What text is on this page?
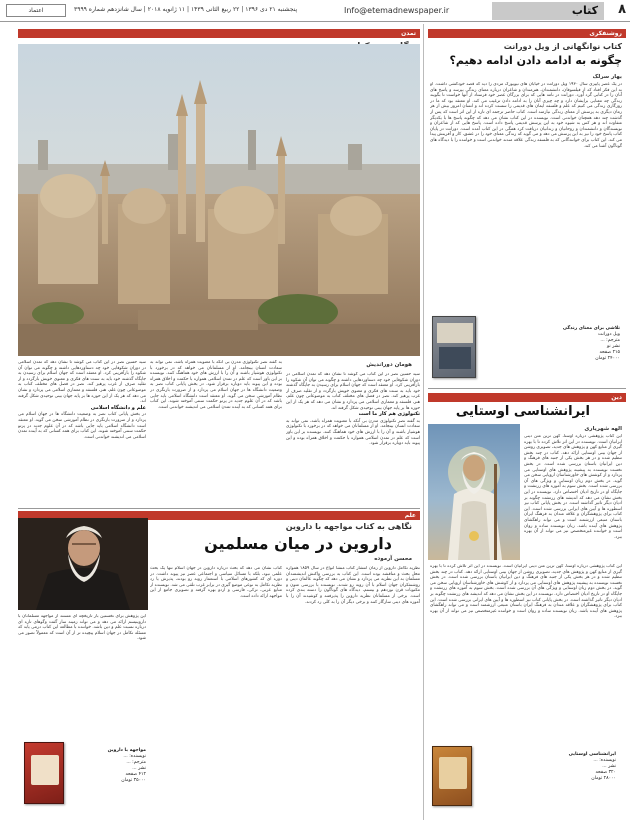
۸
کتاب
Info@etemadnewspaper.ir
پنجشنبه ۲۱ دی ۱۳۹۶ | ۲۲ ربیع الثانی ۱۴۳۹ | ۱۱ ژانویه ۲۰۱۸ | سال شانزدهم شماره ۳۹۹۹
اعتماد
روشنفکری
کتاب نوانگهانی از ویل دورانت
چگونه به ادامه دادن ادامه دهیم؟
بهار سرلک
در یک عصر پاییزی سال ۱۹۳۰ ویل دورانت در خیابان های نیویورک مردی را دید که قصد خودکشی داشت. او به این فکر افتاد که از فیلسوفان، دانشمندان، هنرمندان و شاعران درباره معنای زندگی بپرسد و پاسخ های آنان را در کتابی گرد آورد. دورانت در نامه هایی که برای بزرگان عصر خود فرستاد از آنها خواست تا بگویند زندگی چه معنایی برایشان دارد و چه چیزی آنان را به ادامه دادن ترغیب می کند. او معتقد بود که ما در روزگاری زندگی می کنیم که علم و فلسفه ایمان های قدیمی را سست کرده اند و انسان امروز بیش از هر زمان دیگری به پرسش از معنای زندگی نیازمند است. کتاب حاضر ترجمه ای تازه از این اثر است که پس از گذشت چند دهه همچنان خواندنی است. نویسنده در این کتاب نشان می دهد که چگونه پاسخ ها با یکدیگر متفاوت اند و هر کس به شیوه خود به این پرسش قدیمی پاسخ داده است. پاسخ هایی که از شاعران و نویسندگان و دانشمندان و روحانیان و زندانیان دریافت کرد همگی در این کتاب آمده است. دورانت در پایان کتاب پاسخ خود را نیز به این پرسش می دهد و می گوید که زندگی معنای خود را در عشق، کار و آفرینش پیدا می کند. این کتاب برای خوانندگانی که به فلسفه زندگی علاقه مندند خواندنی است و خواننده را با دیدگاه های گوناگون آشنا می کند.
تلاشی برای معنای زندگی
ویل دورانت
مترجم: ...
نشر نو
۲۱۵ صفحه
۲۴۰۰۰ تومان
دین
ایرانشناسی اوستایی
الهه شهریاری
این کتاب پژوهشی درباره اوستا، کهن ترین متن دینی ایرانیان است. نویسنده در این اثر تلاش کرده تا با بهره گیری از منابع کهن و پژوهش های جدید، تصویری روشن از جهان بینی اوستایی ارائه دهد. کتاب در چند بخش تنظیم شده و در هر بخش یکی از جنبه های فرهنگ و دین ایرانیان باستان بررسی شده است. در بخش نخست نویسنده به پیشینه پژوهش های اوستایی می پردازد و از کوشش های خاورشناسان اروپایی سخن می گوید. در بخش دوم زبان اوستایی و ویژگی های آن بررسی شده است. بخش سوم به آموزه های زرتشت و جایگاه او در تاریخ ادیان اختصاص دارد. نویسنده در این بخش نشان می دهد که اندیشه های زرتشت چگونه بر ادیان دیگر تاثیر گذاشته است. در بخش پایانی کتاب نیز اسطوره ها و آیین های ایرانی بررسی شده است. این کتاب برای پژوهشگران و علاقه مندان به فرهنگ ایران باستان منبعی ارزشمند است و می تواند راهگشای پژوهش های آینده باشد. زبان نویسنده ساده و روان است و خواننده غیرمتخصص نیز می تواند از آن بهره ببرد.
این کتاب پژوهشی درباره اوستا، کهن ترین متن دینی ایرانیان است. نویسنده در این اثر تلاش کرده تا با بهره گیری از منابع کهن و پژوهش های جدید، تصویری روشن از جهان بینی اوستایی ارائه دهد. کتاب در چند بخش تنظیم شده و در هر بخش یکی از جنبه های فرهنگ و دین ایرانیان باستان بررسی شده است. در بخش نخست نویسنده به پیشینه پژوهش های اوستایی می پردازد و از کوشش های خاورشناسان اروپایی سخن می گوید. در بخش دوم زبان اوستایی و ویژگی های آن بررسی شده است. بخش سوم به آموزه های زرتشت و جایگاه او در تاریخ ادیان اختصاص دارد. نویسنده در این بخش نشان می دهد که اندیشه های زرتشت چگونه بر ادیان دیگر تاثیر گذاشته است. در بخش پایانی کتاب نیز اسطوره ها و آیین های ایرانی بررسی شده است. این کتاب برای پژوهشگران و علاقه مندان به فرهنگ ایران باستان منبعی ارزشمند است و می تواند راهگشای پژوهش های آینده باشد. زبان نویسنده ساده و روان است و خواننده غیرمتخصص نیز می تواند از آن بهره ببرد.
تمدن
هومان دوراندیش
سید حسین نصر در این کتاب می کوشد تا نشان دهد که تمدن اسلامی در دوران شکوفایی خود چه دستاوردهایی داشته و چگونه می توان آن شکوه را بازآفرینی کرد. او معتقد است که جهان اسلام برای رسیدن به جایگاه گذشته خود باید به سنت های فکری و معنوی خویش بازگردد و از تقلید صرف از غرب پرهیز کند. نصر در فصل های مختلف کتاب به موضوعاتی چون علم، هنر، فلسفه و معماری اسلامی می پردازد و نشان می دهد که هر یک از این حوزه ها بر پایه جهان بینی توحیدی شکل گرفته اند.
تکنولوژی هم کار ما است
به گفته نصر تکنولوژی مدرن بی آنکه با معنویت همراه باشد، نمی تواند به سعادت انسان بینجامد. او از مسلمانان می خواهد که در برخورد با تکنولوژی هوشیار باشند و آن را با ارزش های خود هماهنگ کنند. نویسنده بر این باور است که علم در تمدن اسلامی همواره با حکمت و اخلاق همراه بوده و این پیوند باید دوباره برقرار شود.
به گفته نصر تکنولوژی مدرن بی آنکه با معنویت همراه باشد، نمی تواند به سعادت انسان بینجامد. او از مسلمانان می خواهد که در برخورد با تکنولوژی هوشیار باشند و آن را با ارزش های خود هماهنگ کنند. نویسنده بر این باور است که علم در تمدن اسلامی همواره با حکمت و اخلاق همراه بوده و این پیوند باید دوباره برقرار شود. در بخش پایانی کتاب نصر به وضعیت دانشگاه ها در جهان اسلام می پردازد و از ضرورت بازنگری در نظام آموزشی سخن می گوید. او معتقد است دانشگاه اسلامی باید جایی باشد که در آن علوم جدید در پرتو حکمت سنتی آموخته شوند. این کتاب برای همه کسانی که به آینده تمدن اسلامی می اندیشند خواندنی است.
سید حسین نصر در این کتاب می کوشد تا نشان دهد که تمدن اسلامی در دوران شکوفایی خود چه دستاوردهایی داشته و چگونه می توان آن شکوه را بازآفرینی کرد. او معتقد است که جهان اسلام برای رسیدن به جایگاه گذشته خود باید به سنت های فکری و معنوی خویش بازگردد و از تقلید صرف از غرب پرهیز کند. نصر در فصل های مختلف کتاب به موضوعاتی چون علم، هنر، فلسفه و معماری اسلامی می پردازد و نشان می دهد که هر یک از این حوزه ها بر پایه جهان بینی توحیدی شکل گرفته اند.
علم و دانشگاه اسلامی
در بخش پایانی کتاب نصر به وضعیت دانشگاه ها در جهان اسلام می پردازد و از ضرورت بازنگری در نظام آموزشی سخن می گوید. او معتقد است دانشگاه اسلامی باید جایی باشد که در آن علوم جدید در پرتو حکمت سنتی آموخته شوند. این کتاب برای همه کسانی که به آینده تمدن اسلامی می اندیشند خواندنی است.
علم
نگاهی به کتاب مواجهه با داروین
داروین در میان مسلمین
محسن آرموده
نظریه تکامل داروین از زمان انتشار کتاب منشأ انواع در سال ۱۸۵۹ همواره محل بحث و مناقشه بوده است. این کتاب به بررسی واکنش اندیشمندان مسلمان به این نظریه می پردازد و نشان می دهد که چگونه عالمان دینی و روشنفکران جهان اسلام با آن روبه رو شدند. نویسنده با بررسی متون و مکتوبات قرن نوزدهم و بیستم، دیدگاه های گوناگون را دسته بندی کرده است. برخی از مسلمانان نظریه داروین را پذیرفتند و کوشیدند آن را با آموزه های دینی سازگار کنند و برخی دیگر آن را به کلی رد کردند.
کتاب نشان می دهد که بحث درباره داروین در جهان اسلام تنها یک بحث علمی نبود، بلکه با مسائل سیاسی و اجتماعی عصر نیز پیوند داشت. در دوره ای که کشورهای اسلامی با استعمار روبه رو بودند، پذیرش یا رد نظریه تکامل به نوعی موضع گیری در برابر غرب تلقی می شد. نویسنده از منابع عربی، ترکی، فارسی و اردو بهره گرفته و تصویری جامع از این مواجهه ارائه داده است.
این پژوهش برای نخستین بار تاریخچه ای مستند از مواجهه مسلمانان با داروینیسم ارائه می دهد و می تواند زمینه ساز گفت وگوهای تازه ای درباره نسبت علم و دین باشد. خواننده با مطالعه این کتاب درمی یابد که مسئله تکامل در جهان اسلام پیچیده تر از آن است که معمولاً تصور می شود.
مواجهه با داروین
نویسنده: ...
مترجم: ...
نشر ...
۴۱۲ صفحه
۳۵۰۰۰ تومان
ایرانشناسی اوستایی
نویسنده: ...
نشر ...
۳۲۰ صفحه
۲۸۰۰۰ تومان
